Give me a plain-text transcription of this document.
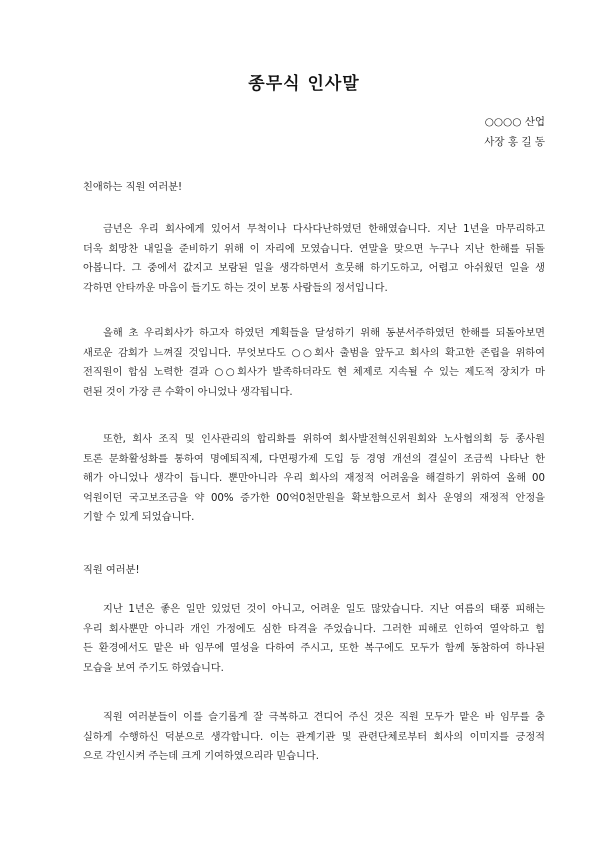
종무식 인사말
○○○○ 산업
사장 홍 길 동

친애하는 직원 여러분!

금년은 우리 회사에게 있어서 무척이나 다사다난하였던 한해였습니다. 지난 1년을 마무리하고
더욱 희망찬 내일을 준비하기 위해 이 자리에 모였습니다. 연말을 맞으면 누구나 지난 한해를 뒤돌
아봅니다. 그 중에서 값지고 보람된 일을 생각하면서 흐뭇해 하기도하고, 어렵고 아쉬웠던 일을 생
각하면 안타까운 마음이 들기도 하는 것이 보통 사람들의 정서입니다.
올해 초 우리회사가 하고자 하였던 계획들을 달성하기 위해 동분서주하였던 한해를 되돌아보면
새로운 감회가 느껴질 것입니다. 무엇보다도 ○○회사 출범을 앞두고 회사의 확고한 존립을 위하여
전직원이 합심 노력한 결과 ○○회사가 발족하더라도 현 체제로 지속될 수 있는 제도적 장치가 마
련된 것이 가장 큰 수확이 아니었나 생각됩니다.
또한, 회사 조직 및 인사관리의 합리화를 위하여 회사발전혁신위원회와 노사협의회 등 종사원
토론 문화활성화를 통하여 명예퇴직제, 다면평가제 도입 등 경영 개선의 결실이 조금씩 나타난 한
해가 아니었나 생각이 듭니다. 뿐만아니라 우리 회사의 재정적 어려움을 해결하기 위하여 올해 00
억원이던 국고보조금을 약 00% 증가한 00억0천만원을 확보함으로서 회사 운영의 재정적 안정을
기할 수 있게 되었습니다.

직원 여러분!

지난 1년은 좋은 일만 있었던 것이 아니고, 어려운 일도 많았습니다. 지난 여름의 태풍 피해는
우리 회사뿐만 아니라 개인 가정에도 심한 타격을 주었습니다. 그러한 피해로 인하여 열악하고 힘
든 환경에서도 맡은 바 임무에 열성을 다하여 주시고, 또한 복구에도 모두가 함께 동참하여 하나된
모습을 보여 주기도 하였습니다.
직원 여러분들이 이를 슬기롭게 잘 극복하고 견디어 주신 것은 직원 모두가 맡은 바 임무를 충
실하게 수행하신 덕분으로 생각합니다. 이는 관계기관 및 관련단체로부터 회사의 이미지를 긍정적
으로 각인시켜 주는데 크게 기여하였으리라 믿습니다.
